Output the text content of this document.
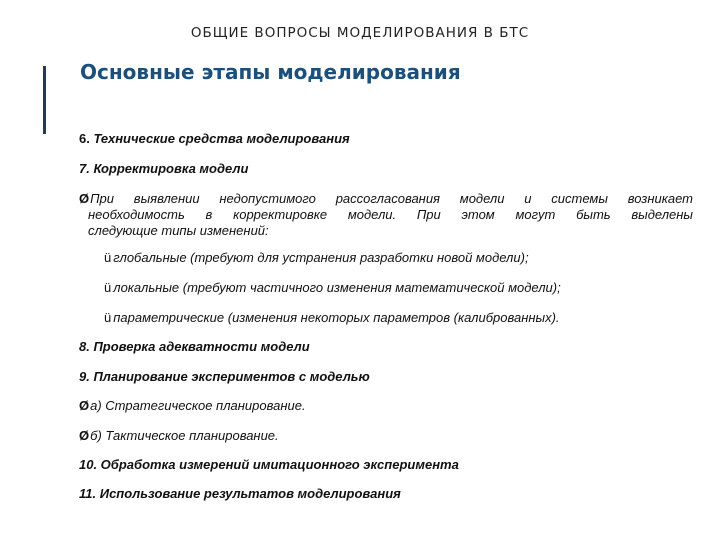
ОБЩИЕ ВОПРОСЫ МОДЕЛИРОВАНИЯ В БТС
Основные этапы моделирования

6. Технические средства моделирования

7. Корректировка модели

ØПри выявлении недопустимого рассогласования модели и системы возникает
необходимость в корректировке модели. При этом могут быть выделены
следующие типы изменений:

ü глобальные (требуют для устранения разработки новой модели);

ü локальные (требуют частичного изменения математической модели);

ü параметрические (изменения некоторых параметров (калиброванных).

8. Проверка адекватности модели

9. Планирование экспериментов с моделью

Øа) Стратегическое планирование.

Øб) Тактическое планирование.

10. Обработка измерений имитационного эксперимента

11. Использование результатов моделирования
